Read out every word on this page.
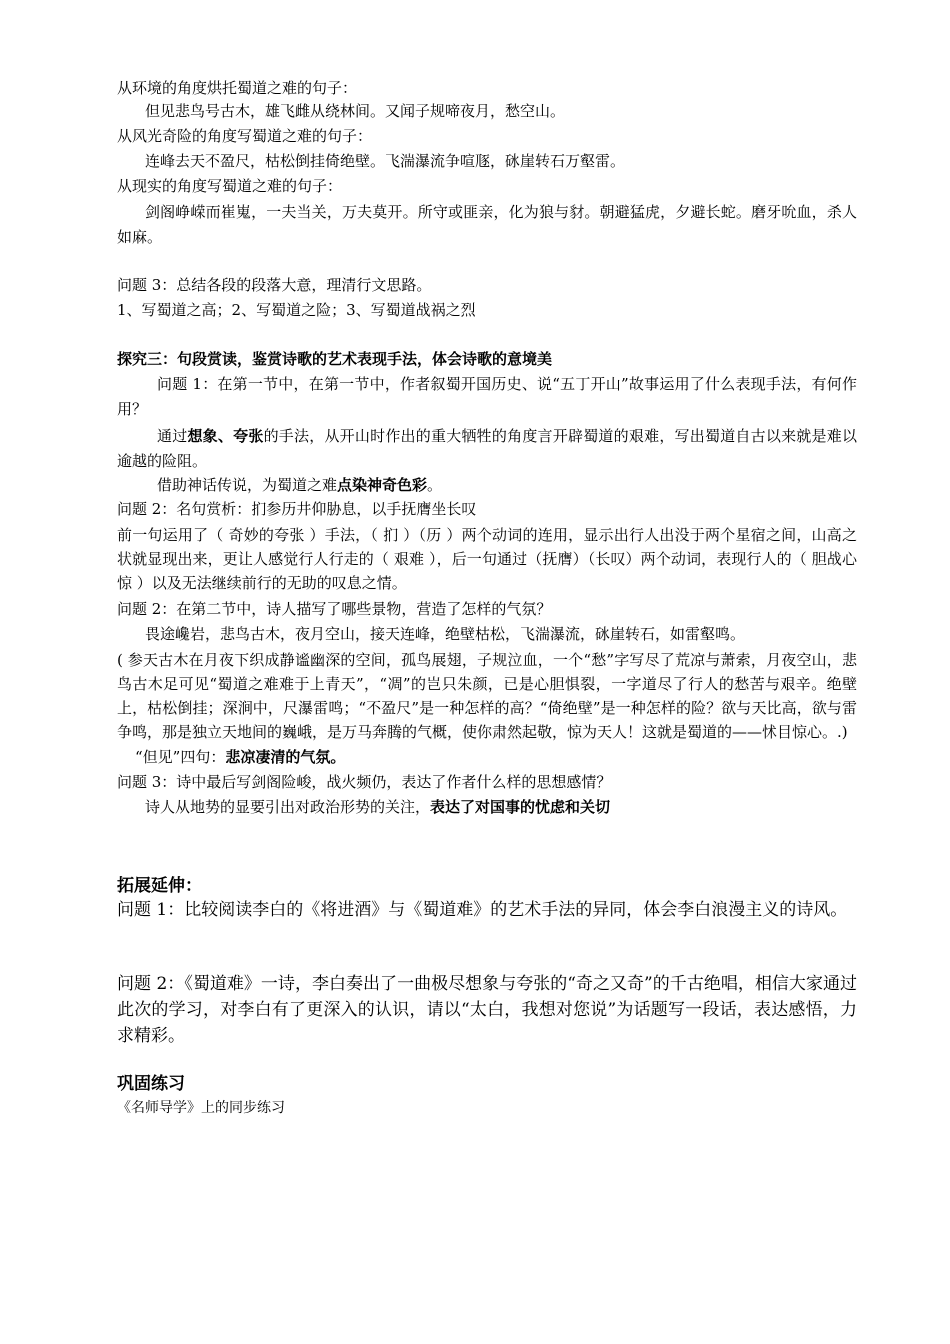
从环境的角度烘托蜀道之难的句子：

但见悲鸟号古木，雄飞雌从绕林间。又闻子规啼夜月，愁空山。

从风光奇险的角度写蜀道之难的句子：

连峰去天不盈尺，枯松倒挂倚绝壁。飞湍瀑流争喧豗，砯崖转石万壑雷。

从现实的角度写蜀道之难的句子：

剑阁峥嵘而崔嵬，一夫当关，万夫莫开。所守或匪亲，化为狼与豺。朝避猛虎，夕避长蛇。磨牙吮血，杀人如麻。

问题 3：总结各段的段落大意，理清行文思路。

1、写蜀道之高；2、写蜀道之险；3、写蜀道战祸之烈

探究三：句段赏读，鉴赏诗歌的艺术表现手法，体会诗歌的意境美

问题 1：在第一节中，在第一节中，作者叙蜀开国历史、说“五丁开山”故事运用了什么表现手法，有何作用？

通过想象、夸张的手法，从开山时作出的重大牺牲的角度言开辟蜀道的艰难，写出蜀道自古以来就是难以逾越的险阻。

借助神话传说，为蜀道之难点染神奇色彩。

问题 2：名句赏析：扪参历井仰胁息，以手抚膺坐长叹

前一句运用了（ 奇妙的夸张 ）手法，（ 扪 ）（历 ）两个动词的连用，显示出行人出没于两个星宿之间，山高之状就显现出来，更让人感觉行人行走的（ 艰难 ），后一句通过（抚膺）（长叹）两个动词，表现行人的（ 胆战心惊 ）以及无法继续前行的无助的叹息之情。

问题 2：在第二节中，诗人描写了哪些景物，营造了怎样的气氛？

畏途巉岩，悲鸟古木，夜月空山，接天连峰，绝壁枯松，飞湍瀑流，砯崖转石，如雷壑鸣。

( 参天古木在月夜下织成静谧幽深的空间，孤鸟展翅，子规泣血，一个“愁”字写尽了荒凉与萧索，月夜空山，悲鸟古木足可见“蜀道之难难于上青天”，“凋”的岂只朱颜，已是心胆惧裂，一字道尽了行人的愁苦与艰辛。绝壁上，枯松倒挂；深涧中，尺瀑雷鸣；“不盈尺”是一种怎样的高？“倚绝壁”是一种怎样的险？欲与天比高，欲与雷争鸣，那是独立天地间的巍峨，是万马奔腾的气概，使你肃然起敬，惊为天人！这就是蜀道的——怵目惊心。.)

“但见”四句：悲凉凄清的气氛。

问题 3：诗中最后写剑阁险峻，战火频仍，表达了作者什么样的思想感情？

诗人从地势的显要引出对政治形势的关注，表达了对国事的忧虑和关切

拓展延伸：

问题 1：比较阅读李白的《将进酒》与《蜀道难》的艺术手法的异同，体会李白浪漫主义的诗风。

问题 2：《蜀道难》一诗，李白奏出了一曲极尽想象与夸张的“奇之又奇”的千古绝唱，相信大家通过此次的学习，对李白有了更深入的认识，请以“太白，我想对您说”为话题写一段话，表达感悟，力求精彩。

巩固练习

《名师导学》上的同步练习
